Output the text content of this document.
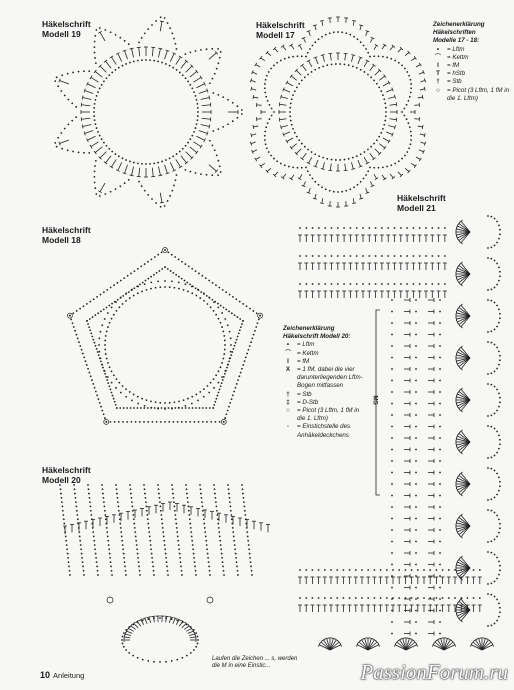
Häkelschrift
Modell 19
Häkelschrift
Modell 17
Häkelschrift
Modell 18
Häkelschrift
Modell 20
Häkelschrift
Modell 21
Zeichenerklärung
Häkelschriften
Modelle 17 - 18:
•	= Lftm
⌒ = Kettm
I	= fM
T	= hStb
†	= Stb
○	= Picot (3 Lftm, 1 fM in die 1. Lftm)
Zeichenerklärung
Häkelschrift Modell 20:
•	= Lftm
⌒ = Kettm
I	= fM
X	= 1 fM, dabei die vier darunterliegenden Lftm-Bogen mitfassen
†	= Stb
‡	= D-Stb
○	= Picot (3 Lftm, 1 fM in die 1. Lftm)
◦	= Einstichstelle des Anhäkeldeckchens
MS
Laufen die Zeichen ... s, werden
die M in eine Einstic...
10 Anleitung	PassionForum.ru
